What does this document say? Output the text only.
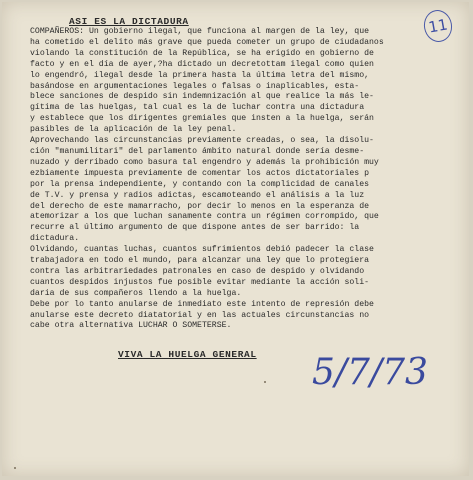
ASI ES LA DICTADURA	11
COMPAÑEROS: Un gobierno ilegal, que funciona al margen de la ley, que
ha cometido el delito más grave que pueda cometer un grupo de ciudadanos
violando la constitución de la República, se ha erigido en gobierno de
facto y en el día de ayer,?ha dictado un decretottam ilegal como quien
lo engendró, ilegal desde la primera hasta la última letra del mismo,
basándose en argumentaciones legales o falsas o inaplicables, esta-
blece sanciones de despido sin indemnización al que realice la más le-
gítima de las huelgas, tal cual es la de luchar contra una dictadura
y establece que los dirigentes gremiales que insten a la huelga, serán
pasibles de la aplicación de la ley penal.
Aprovechando las circunstancias previamente creadas, o sea, la disolu-
ción "manumilitari" del parlamento ámbito natural donde sería desme-
nuzado y derribado como basura tal engendro y además la prohibición muy
ezbiamente impuesta previamente de comentar los actos dictatoriales p
por la prensa independiente, y contando con la complicidad de canales
de T.V. y prensa y radios adictas, escamoteando el análisis a la luz
del derecho de este mamarracho, por decir lo menos en la esperanza de
atemorizar a los que luchan sanamente contra un régimen corrompido, que
recurre al último argumento de que dispone antes de ser barrido: la
dictadura.
Olvidando, cuantas luchas, cuantos sufrimientos debió padecer la clase
trabajadora en todo el mundo, para alcanzar una ley que lo protegiera
contra las arbitrariedades patronales en caso de despido y olvidando
cuantos despidos injustos fue posible evitar mediante la acción soli-
daria de sus compañeros llendo a la huelga.
Debe por lo tanto anularse de inmediato este intento de represión debe
anularse este decreto diatatorial y en las actuales circunstancias no
cabe otra alternativa LUCHAR O SOMETERSE.
VIVA LA HUELGA GENERAL 5/7/73
